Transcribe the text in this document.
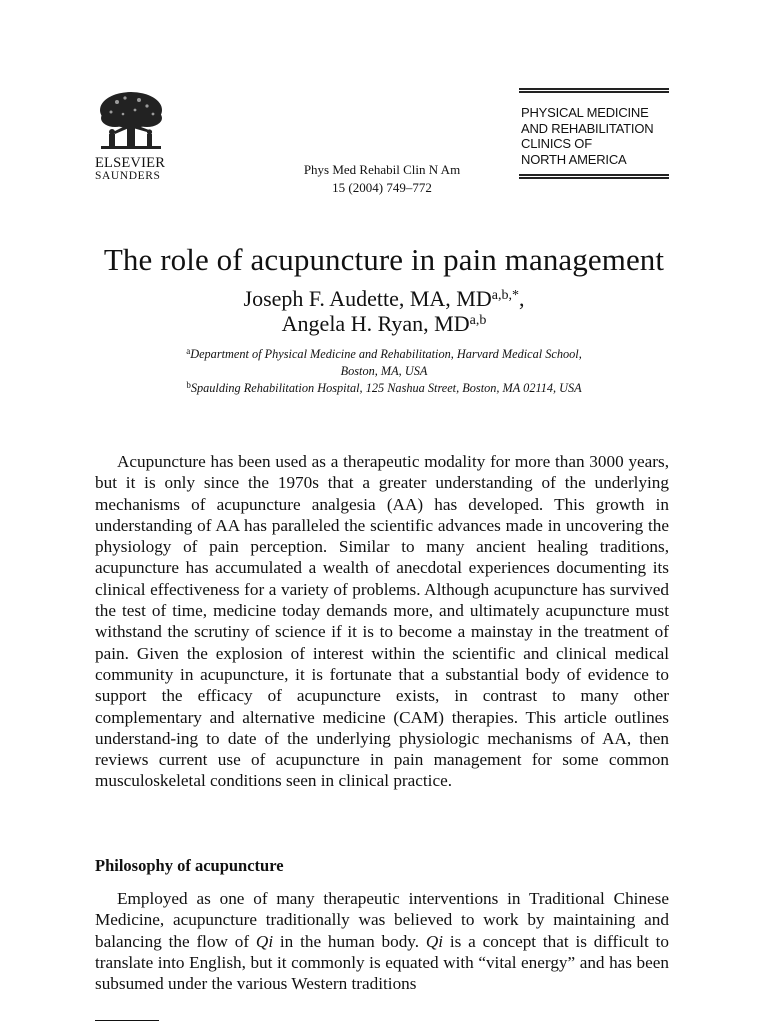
ELSEVIER
SAUNDERS	Phys Med Rehabil Clin N Am
15 (2004) 749–772
PHYSICAL MEDICINE
AND REHABILITATION
CLINICS OF
NORTH AMERICA
The role of acupuncture in pain management
Joseph F. Audette, MA, $MD^{a,b,*}$,
Angela H. Ryan, MD$^{a,b}$
$^a$Department of Physical Medicine and Rehabilitation, Harvard Medical School,
Boston, MA, USA
$^b$Spaulding Rehabilitation Hospital, 125 Nashua Street, Boston, MA 02114, USA

Acupuncture has been used as a therapeutic modality for more than 3000 years, but it is only since the 1970s that a greater understanding of the underlying mechanisms of acupuncture analgesia (AA) has developed. This growth in understanding of AA has paralleled the scientific advances made in uncovering the physiology of pain perception. Similar to many ancient healing traditions, acupuncture has accumulated a wealth of anecdotal experiences documenting its clinical effectiveness for a variety of problems. Although acupuncture has survived the test of time, medicine today demands more, and ultimately acupuncture must withstand the scrutiny of science if it is to become a mainstay in the treatment of pain. Given the explosion of interest within the scientific and clinical medical community in acupuncture, it is fortunate that a substantial body of evidence to support the efficacy of acupuncture exists, in contrast to many other complementary and alternative medicine (CAM) therapies. This article outlines understand-ing to date of the underlying physiologic mechanisms of AA, then reviews current use of acupuncture in pain management for some common musculoskeletal conditions seen in clinical practice.

Philosophy of acupuncture

Employed as one of many therapeutic interventions in Traditional Chinese Medicine, acupuncture traditionally was believed to work by maintaining and balancing the flow of Qi in the human body. Qi is a concept that is difficult to translate into English, but it commonly is equated with “vital energy” and has been subsumed under the various Western traditions
